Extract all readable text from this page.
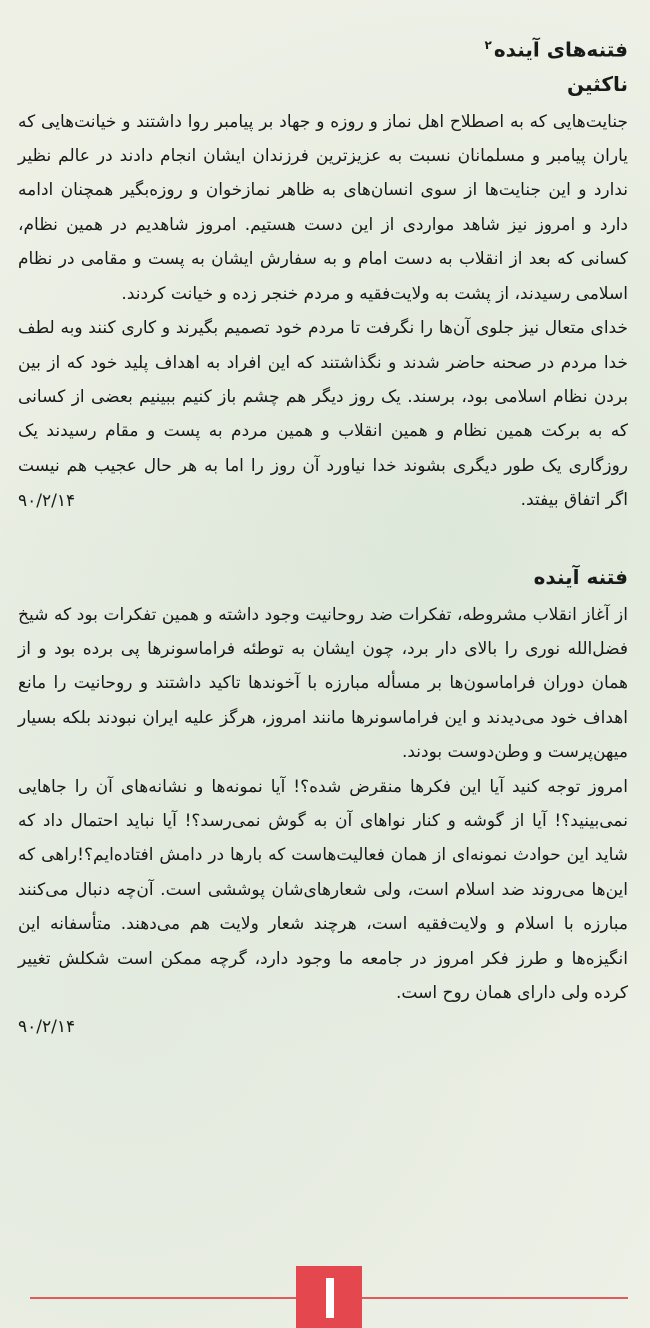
فتنه‌های آینده$^۲$
ناکثین

جنایت‌هایی که به اصطلاح اهل نماز و روزه و جهاد بر پیامبر روا داشتند و خیانت‌هایی که یاران پیامبر و مسلمانان نسبت به عزیزترین فرزندان ایشان انجام دادند در عالم نظیر ندارد و این جنایت‌ها از سوی انسان‌های به ظاهر نمازخوان و روزه‌بگیر همچنان ادامه دارد و امروز نیز شاهد مواردی از این دست هستیم. امروز شاهدیم در همین نظام، کسانی که بعد از انقلاب به دست امام و به سفارش ایشان به پست و مقامی در نظام اسلامی رسیدند، از پشت به ولایت‌فقیه و مردم خنجر زده و خیانت کردند.

خدای متعال نیز جلوی آن‌ها را نگرفت تا مردم خود تصمیم بگیرند و کاری کنند وبه لطف خدا مردم در صحنه حاضر شدند و نگذاشتند که این افراد به اهداف پلید خود که از بین بردن نظام اسلامی بود، برسند. یک روز دیگر هم چشم باز کنیم ببینیم بعضی از کسانی که به برکت همین نظام و همین انقلاب و همین مردم به پست و مقام رسیدند یک روزگاری یک طور دیگری بشوند خدا نیاورد آن روز را اما به هر حال عجیب هم نیست اگر اتفاق بیفتد.

۹۰/۲/۱۴
فتنه آینده

از آغاز انقلاب مشروطه، تفکرات ضد روحانیت وجود داشته و همین تفکرات بود که شیخ فضل‌الله نوری را بالای دار برد، چون ایشان به توطئه فراماسونرها پی برده بود و از همان دوران فراماسون‌ها بر مسأله مبارزه با آخوندها تاکید داشتند و روحانیت را مانع اهداف خود می‌دیدند و این فراماسونرها مانند امروز، هرگز علیه ایران نبودند بلکه بسیار میهن‌پرست و وطن‌دوست بودند.

امروز توجه کنید آیا این فکرها منقرض شده؟! آیا نمونه‌ها و نشانه‌های آن را جاهایی نمی‌بینید؟! آیا از گوشه و کنار نواهای آن به گوش نمی‌رسد؟! آیا نباید احتمال داد که شاید این حوادث نمونه‌ای از همان فعالیت‌هاست که بارها در دامش افتاده‌ایم؟!راهی که این‌ها می‌روند ضد اسلام است، ولی شعارهای‌شان پوششی است. آن‌چه دنبال می‌کنند مبارزه با اسلام و ولایت‌فقیه است، هرچند شعار ولایت هم می‌دهند. متأسفانه این انگیزه‌ها و طرز فکر امروز در جامعه ما وجود دارد، گرچه ممکن است شکلش تغییر کرده ولی دارای همان روح است.

۹۰/۲/۱۴
